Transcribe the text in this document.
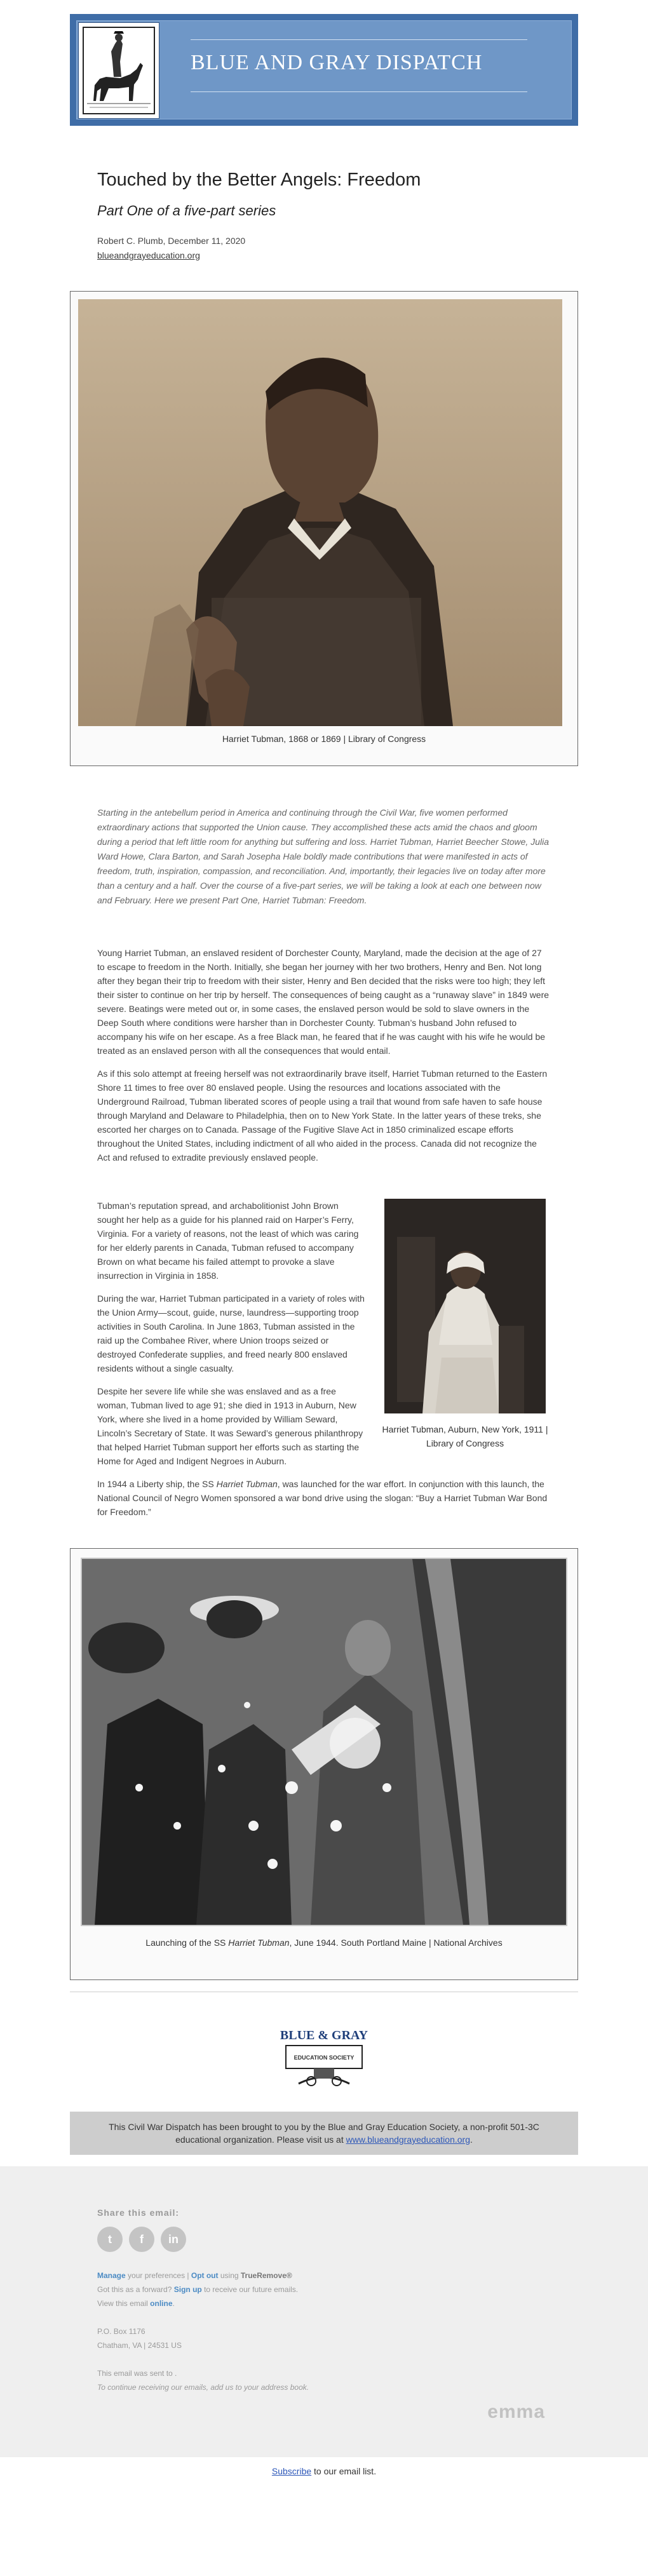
BLUE AND GRAY DISPATCH
Touched by the Better Angels: Freedom
Part One of a five-part series
Robert C. Plumb, December 11, 2020
blueandgrayeducation.org
Harriet Tubman, 1868 or 1869 | Library of Congress
Starting in the antebellum period in America and continuing through the Civil War, five women performed extraordinary actions that supported the Union cause. They accomplished these acts amid the chaos and gloom during a period that left little room for anything but suffering and loss. Harriet Tubman, Harriet Beecher Stowe, Julia Ward Howe, Clara Barton, and Sarah Josepha Hale boldly made contributions that were manifested in acts of freedom, truth, inspiration, compassion, and reconciliation. And, importantly, their legacies live on today after more than a century and a half. Over the course of a five-part series, we will be taking a look at each one between now and February. Here we present Part One, Harriet Tubman: Freedom.

Young Harriet Tubman, an enslaved resident of Dorchester County, Maryland, made the decision at the age of 27 to escape to freedom in the North. Initially, she began her journey with her two brothers, Henry and Ben. Not long after they began their trip to freedom with their sister, Henry and Ben decided that the risks were too high; they left their sister to continue on her trip by herself. The consequences of being caught as a “runaway slave” in 1849 were severe. Beatings were meted out or, in some cases, the enslaved person would be sold to slave owners in the Deep South where conditions were harsher than in Dorchester County. Tubman’s husband John refused to accompany his wife on her escape. As a free Black man, he feared that if he was caught with his wife he would be treated as an enslaved person with all the consequences that would entail.

As if this solo attempt at freeing herself was not extraordinarily brave itself, Harriet Tubman returned to the Eastern Shore 11 times to free over 80 enslaved people. Using the resources and locations associated with the Underground Railroad, Tubman liberated scores of people using a trail that wound from safe haven to safe house through Maryland and Delaware to Philadelphia, then on to New York State. In the latter years of these treks, she escorted her charges on to Canada. Passage of the Fugitive Slave Act in 1850 criminalized escape efforts throughout the United States, including indictment of all who aided in the process. Canada did not recognize the Act and refused to extradite previously enslaved people.

Harriet Tubman, Auburn, New York, 1911 | Library of Congress

Tubman’s reputation spread, and archabolitionist John Brown sought her help as a guide for his planned raid on Harper’s Ferry, Virginia. For a variety of reasons, not the least of which was caring for her elderly parents in Canada, Tubman refused to accompany Brown on what became his failed attempt to provoke a slave insurrection in Virginia in 1858.

During the war, Harriet Tubman participated in a variety of roles with the Union Army—scout, guide, nurse, laundress—supporting troop activities in South Carolina. In June 1863, Tubman assisted in the raid up the Combahee River, where Union troops seized or destroyed Confederate supplies, and freed nearly 800 enslaved residents without a single casualty.

Despite her severe life while she was enslaved and as a free woman, Tubman lived to age 91; she died in 1913 in Auburn, New York, where she lived in a home provided by William Seward, Lincoln’s Secretary of State. It was Seward’s generous philanthropy that helped Harriet Tubman support her efforts such as starting the Home for Aged and Indigent Negroes in Auburn.

In 1944 a Liberty ship, the SS Harriet Tubman, was launched for the war effort. In conjunction with this launch, the National Council of Negro Women sponsored a war bond drive using the slogan: “Buy a Harriet Tubman War Bond for Freedom.”

Launching of the SS Harriet Tubman, June 1944. South Portland Maine | National Archives
BLUE & GRAY
EDUCATION SOCIETY
This Civil War Dispatch has been brought to you by the Blue and Gray Education Society, a non-profit 501-3C educational organization. Please visit us at www.blueandgrayeducation.org.
Share this email:
t	f	in
Manage your preferences | Opt out using TrueRemove®
Got this as a forward? Sign up to receive our future emails.
View this email online.
P.O. Box 1176
Chatham, VA | 24531 US
This email was sent to .
To continue receiving our emails, add us to your address book.
emma
Subscribe to our email list.
